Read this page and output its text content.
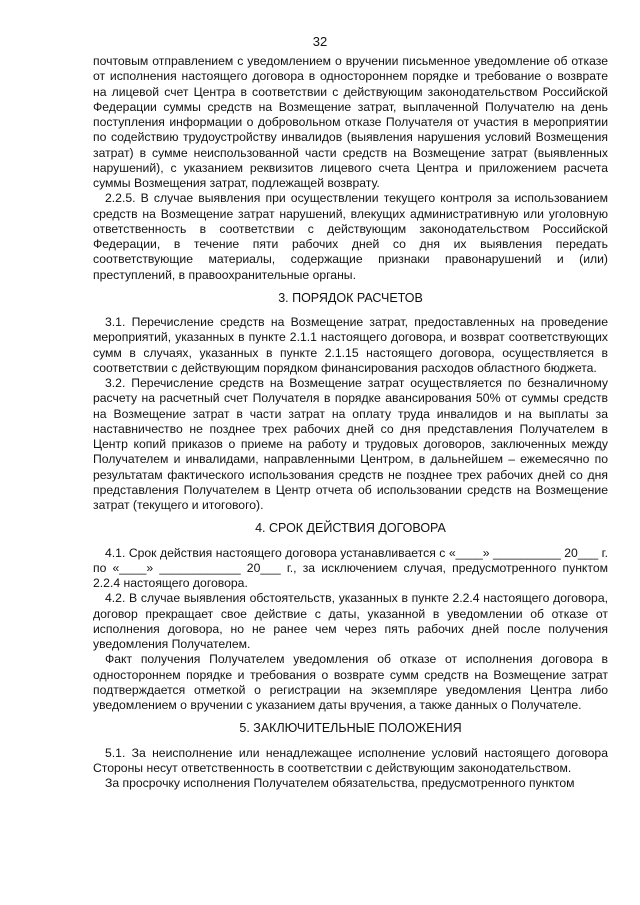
32

почтовым отправлением с уведомлением о вручении письменное уведомление об отказе от исполнения настоящего договора в одностороннем порядке и требование о возврате на лицевой счет Центра в соответствии с действующим законодательством Российской Федерации суммы средств на Возмещение затрат, выплаченной Получателю на день поступления информации о добровольном отказе Получателя от участия в мероприятии по содействию трудоустройству инвалидов (выявления нарушения условий Возмещения затрат) в сумме неиспользованной части средств на Возмещение затрат (выявленных нарушений), с указанием реквизитов лицевого счета Центра и приложением расчета суммы Возмещения затрат, подлежащей возврату.

2.2.5. В случае выявления при осуществлении текущего контроля за использованием средств на Возмещение затрат нарушений, влекущих административную или уголовную ответственность в соответствии с действующим законодательством Российской Федерации, в течение пяти рабочих дней со дня их выявления передать соответствующие материалы, содержащие признаки правонарушений и (или) преступлений, в правоохранительные органы.

3. ПОРЯДОК РАСЧЕТОВ

3.1. Перечисление средств на Возмещение затрат, предоставленных на проведение мероприятий, указанных в пункте 2.1.1 настоящего договора, и возврат соответствующих сумм в случаях, указанных в пункте 2.1.15 настоящего договора, осуществляется в соответствии с действующим порядком финансирования расходов областного бюджета.

3.2. Перечисление средств на Возмещение затрат осуществляется по безналичному расчету на расчетный счет Получателя в порядке авансирования 50% от суммы средств на Возмещение затрат в части затрат на оплату труда инвалидов и на выплаты за наставничество не позднее трех рабочих дней со дня представления Получателем в Центр копий приказов о приеме на работу и трудовых договоров, заключенных между Получателем и инвалидами, направленными Центром, в дальнейшем – ежемесячно по результатам фактического использования средств не позднее трех рабочих дней со дня представления Получателем в Центр отчета об использовании средств на Возмещение затрат (текущего и итогового).

4. СРОК ДЕЙСТВИЯ ДОГОВОРА

4.1. Срок действия настоящего договора устанавливается с «____» __________ 20___ г. по «____» ____________ 20___ г., за исключением случая, предусмотренного пунктом 2.2.4 настоящего договора.

4.2. В случае выявления обстоятельств, указанных в пункте 2.2.4 настоящего договора, договор прекращает свое действие с даты, указанной в уведомлении об отказе от исполнения договора, но не ранее чем через пять рабочих дней после получения уведомления Получателем.

Факт получения Получателем уведомления об отказе от исполнения договора в одностороннем порядке и требования о возврате сумм средств на Возмещение затрат подтверждается отметкой о регистрации на экземпляре уведомления Центра либо уведомлением о вручении с указанием даты вручения, а также данных о Получателе.

5. ЗАКЛЮЧИТЕЛЬНЫЕ ПОЛОЖЕНИЯ

5.1. За неисполнение или ненадлежащее исполнение условий настоящего договора Стороны несут ответственность в соответствии с действующим законодательством.

За просрочку исполнения Получателем обязательства, предусмотренного пунктом
